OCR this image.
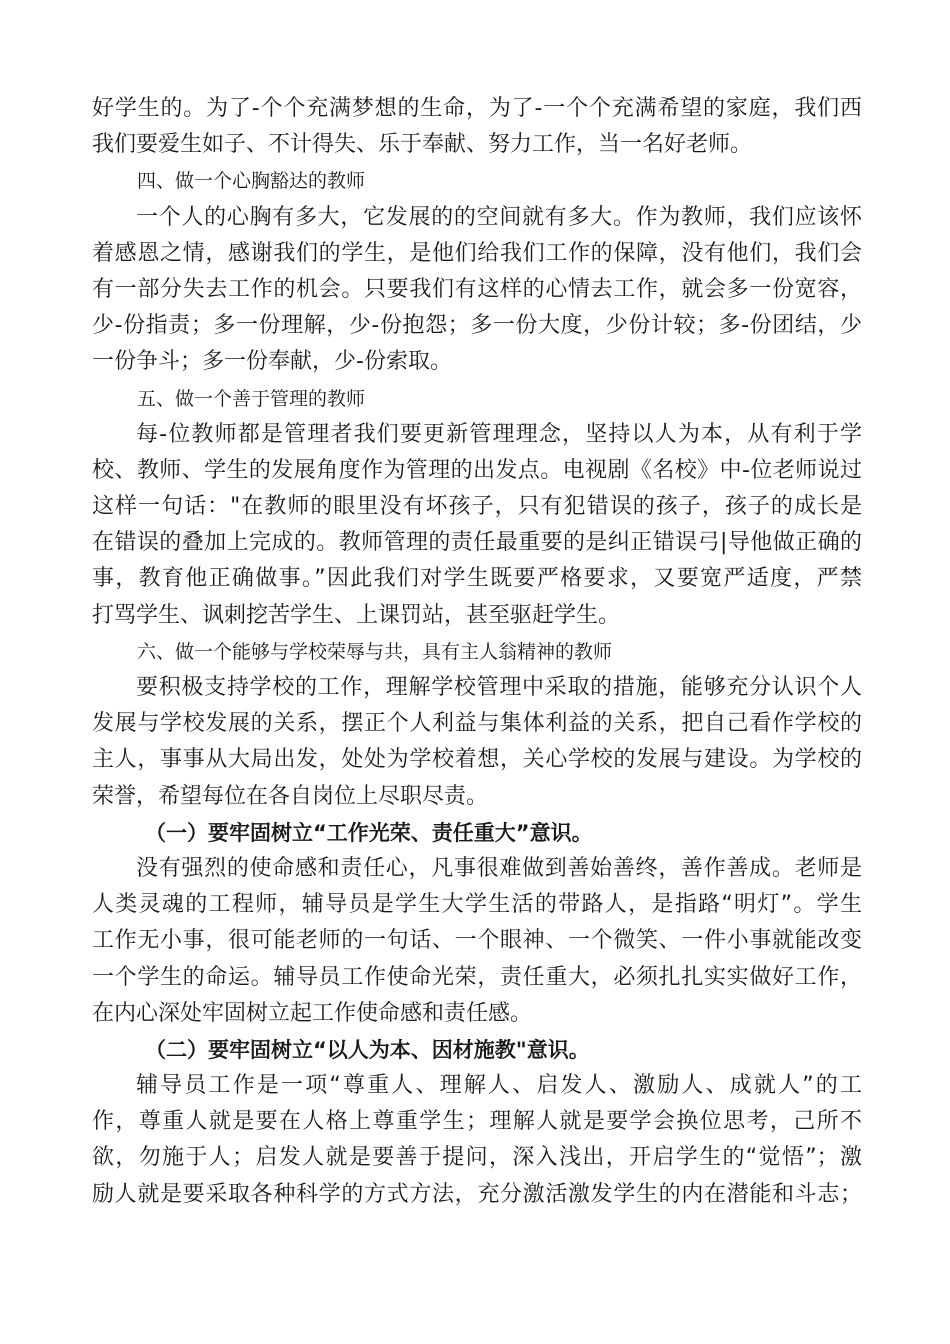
好学生的。为了-个个充满梦想的生命，为了-一个个充满希望的家庭，我们西
我们要爱生如子、不计得失、乐于奉献、努力工作，当一名好老师。
四、做一个心胸豁达的教师
一个人的心胸有多大，它发展的的空间就有多大。作为教师，我们应该怀
着感恩之情，感谢我们的学生，是他们给我们工作的保障，没有他们，我们会
有一部分失去工作的机会。只要我们有这样的心情去工作，就会多一份宽容，
少-份指责；多一份理解，少-份抱怨；多一份大度，少份计较；多-份团结，少
一份争斗；多一份奉献，少-份索取。
五、做一个善于管理的教师
每-位教师都是管理者我们要更新管理理念，坚持以人为本，从有利于学
校、教师、学生的发展角度作为管理的出发点。电视剧《名校》中-位老师说过
这样一句话："在教师的眼里没有坏孩子，只有犯错误的孩子，孩子的成长是
在错误的叠加上完成的。教师管理的责任最重要的是纠正错误弓|导他做正确的
事，教育他正确做事。”因此我们对学生既要严格要求，又要宽严适度，严禁
打骂学生、讽刺挖苦学生、上课罚站，甚至驱赶学生。
六、做一个能够与学校荣辱与共，具有主人翁精神的教师
要积极支持学校的工作，理解学校管理中采取的措施，能够充分认识个人
发展与学校发展的关系，摆正个人利益与集体利益的关系，把自己看作学校的
主人，事事从大局出发，处处为学校着想，关心学校的发展与建设。为学校的
荣誉，希望每位在各自岗位上尽职尽责。
（一）要牢固树立“工作光荣、责任重大”意识。
没有强烈的使命感和责任心，凡事很难做到善始善终，善作善成。老师是
人类灵魂的工程师，辅导员是学生大学生活的带路人，是指路“明灯”。学生
工作无小事，很可能老师的一句话、一个眼神、一个微笑、一件小事就能改变
一个学生的命运。辅导员工作使命光荣，责任重大，必须扎扎实实做好工作，
在内心深处牢固树立起工作使命感和责任感。
（二）要牢固树立“以人为本、因材施教"意识。
辅导员工作是一项“尊重人、理解人、启发人、激励人、成就人”的工
作，尊重人就是要在人格上尊重学生；理解人就是要学会换位思考，己所不
欲，勿施于人；启发人就是要善于提问，深入浅出，开启学生的“觉悟”；激
励人就是要采取各种科学的方式方法，充分激活激发学生的内在潜能和斗志；
